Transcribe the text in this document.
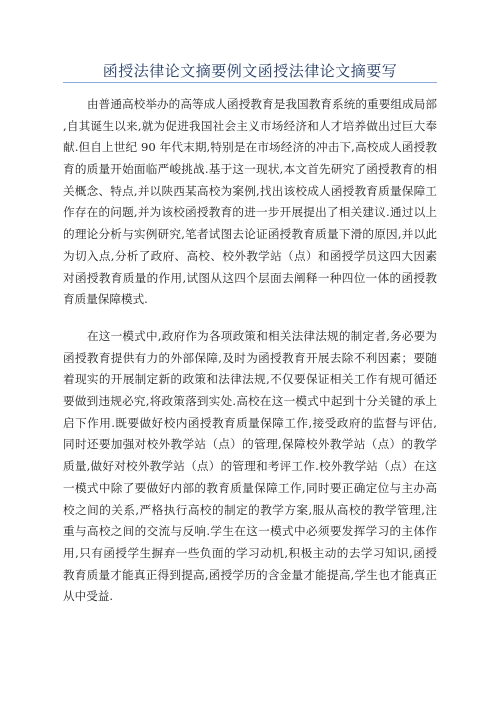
函授法律论文摘要例文函授法律论文摘要写
由普通高校举办的高等成人函授教育是我国教育系统的重要组成局部
,自其诞生以来,就为促进我国社会主义市场经济和人才培养做出过巨大奉
献.但自上世纪 90 年代末期,特别是在市场经济的冲击下,高校成人函授教
育的质量开始面临严峻挑战.基于这一现状,本文首先研究了函授教育的相
关概念、特点,并以陕西某高校为案例,找出该校成人函授教育质量保障工
作存在的问题,并为该校函授教育的进一步开展提出了相关建议.通过以上
的理论分析与实例研究,笔者试图去论证函授教育质量下滑的原因,并以此
为切入点,分析了政府、高校、校外教学站（点）和函授学员这四大因素
对函授教育质量的作用,试图从这四个层面去阐释一种四位一体的函授教
育质量保障模式.
在这一模式中,政府作为各项政策和相关法律法规的制定者,务必要为
函授教育提供有力的外部保障,及时为函授教育开展去除不利因素；要随
着现实的开展制定新的政策和法律法规,不仅要保证相关工作有规可循还
要做到违规必究,将政策落到实处.高校在这一模式中起到十分关键的承上
启下作用.既要做好校内函授教育质量保障工作,接受政府的监督与评估,
同时还要加强对校外教学站（点）的管理,保障校外教学站（点）的教学
质量,做好对校外教学站（点）的管理和考评工作.校外教学站（点）在这
一模式中除了要做好内部的教育质量保障工作,同时要正确定位与主办高
校之间的关系,严格执行高校的制定的教学方案,服从高校的教学管理,注
重与高校之间的交流与反响.学生在这一模式中必须要发挥学习的主体作
用,只有函授学生摒弃一些负面的学习动机,积极主动的去学习知识,函授
教育质量才能真正得到提高,函授学历的含金量才能提高,学生也才能真正
从中受益.
